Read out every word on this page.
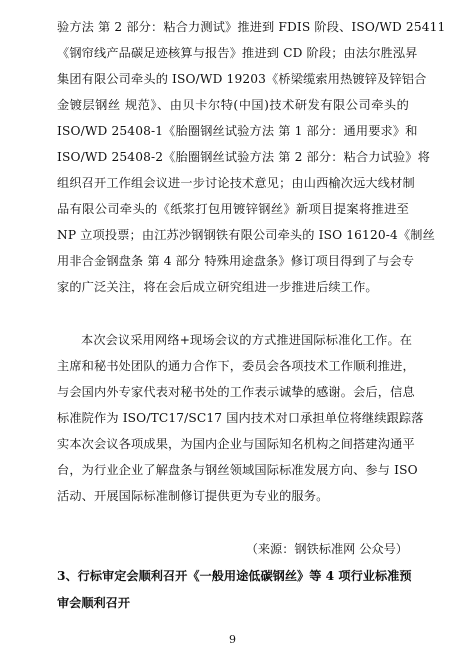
验方法 第 2 部分：粘合力测试》推进到 FDIS 阶段、ISO/WD 25411
《钢帘线产品碳足迹核算与报告》推进到 CD 阶段；由法尔胜泓昇
集团有限公司牵头的 ISO/WD 19203《桥梁缆索用热镀锌及锌铝合
金镀层钢丝 规范》、由贝卡尔特(中国)技术研发有限公司牵头的
ISO/WD 25408-1《胎圈钢丝试验方法 第 1 部分：通用要求》和
ISO/WD 25408-2《胎圈钢丝试验方法 第 2 部分：粘合力试验》将
组织召开工作组会议进一步讨论技术意见；由山西榆次远大线材制
品有限公司牵头的《纸浆打包用镀锌钢丝》新项目提案将推进至
NP 立项投票；由江苏沙钢钢铁有限公司牵头的 ISO 16120-4《制丝
用非合金钢盘条 第 4 部分 特殊用途盘条》修订项目得到了与会专
家的广泛关注，将在会后成立研究组进一步推进后续工作。
本次会议采用网络+现场会议的方式推进国际标准化工作。在
主席和秘书处团队的通力合作下，委员会各项技术工作顺利推进，
与会国内外专家代表对秘书处的工作表示诚挚的感谢。会后，信息
标准院作为 ISO/TC17/SC17 国内技术对口承担单位将继续跟踪落
实本次会议各项成果，为国内企业与国际知名机构之间搭建沟通平
台，为行业企业了解盘条与钢丝领域国际标准发展方向、参与 ISO
活动、开展国际标准制修订提供更为专业的服务。
（来源：钢铁标准网 公众号）
3、行标审定会顺利召开《一般用途低碳钢丝》等 4 项行业标准预
审会顺利召开
9
